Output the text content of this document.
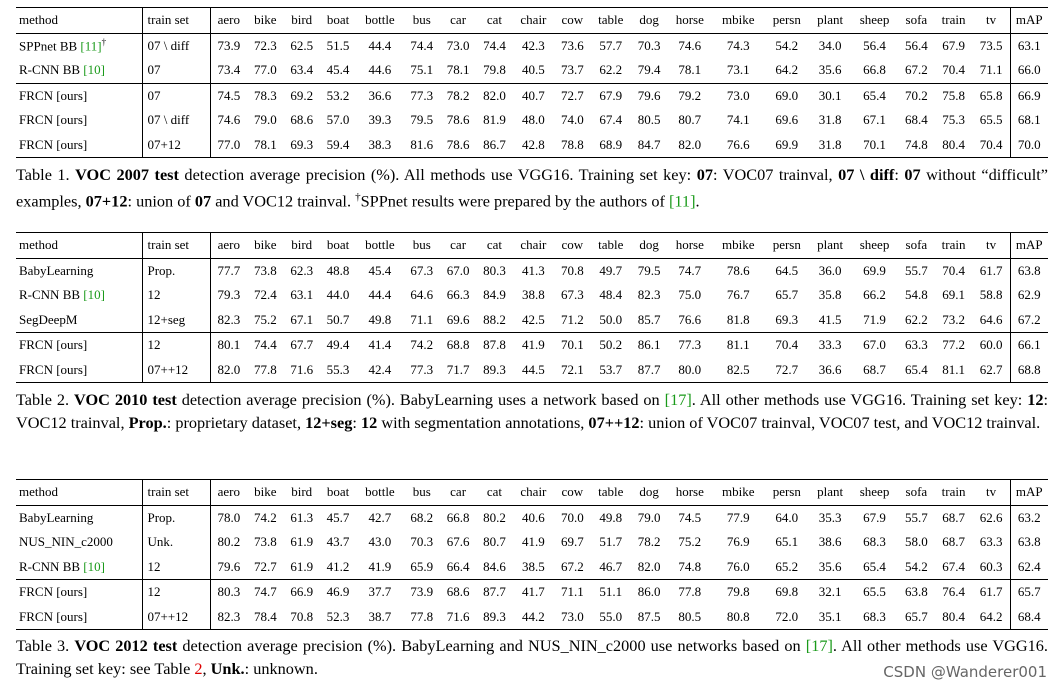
method	train set	aero	bike	bird	boat	bottle	bus	car	cat	chair	cow	table	dog	horse	mbike	persn	plant	sheep	sofa	train	tv	mAP
SPPnet BB [11]†	07 \ diff	73.9	72.3	62.5	51.5	44.4	74.4	73.0	74.4	42.3	73.6	57.7	70.3	74.6	74.3	54.2	34.0	56.4	56.4	67.9	73.5	63.1
R-CNN BB [10]	07	73.4	77.0	63.4	45.4	44.6	75.1	78.1	79.8	40.5	73.7	62.2	79.4	78.1	73.1	64.2	35.6	66.8	67.2	70.4	71.1	66.0
FRCN [ours]	07	74.5	78.3	69.2	53.2	36.6	77.3	78.2	82.0	40.7	72.7	67.9	79.6	79.2	73.0	69.0	30.1	65.4	70.2	75.8	65.8	66.9
FRCN [ours]	07 \ diff	74.6	79.0	68.6	57.0	39.3	79.5	78.6	81.9	48.0	74.0	67.4	80.5	80.7	74.1	69.6	31.8	67.1	68.4	75.3	65.5	68.1
FRCN [ours]	07+12	77.0	78.1	69.3	59.4	38.3	81.6	78.6	86.7	42.8	78.8	68.9	84.7	82.0	76.6	69.9	31.8	70.1	74.8	80.4	70.4	70.0
Table 1. VOC 2007 test detection average precision (%). All methods use VGG16. Training set key: 07: VOC07 trainval, 07 \ diff: 07 without “difficult” examples, 07+12: union of 07 and VOC12 trainval. †SPPnet results were prepared by the authors of [11].
method	train set	aero	bike	bird	boat	bottle	bus	car	cat	chair	cow	table	dog	horse	mbike	persn	plant	sheep	sofa	train	tv	mAP
BabyLearning	Prop.	77.7	73.8	62.3	48.8	45.4	67.3	67.0	80.3	41.3	70.8	49.7	79.5	74.7	78.6	64.5	36.0	69.9	55.7	70.4	61.7	63.8
R-CNN BB [10]	12	79.3	72.4	63.1	44.0	44.4	64.6	66.3	84.9	38.8	67.3	48.4	82.3	75.0	76.7	65.7	35.8	66.2	54.8	69.1	58.8	62.9
SegDeepM	12+seg	82.3	75.2	67.1	50.7	49.8	71.1	69.6	88.2	42.5	71.2	50.0	85.7	76.6	81.8	69.3	41.5	71.9	62.2	73.2	64.6	67.2
FRCN [ours]	12	80.1	74.4	67.7	49.4	41.4	74.2	68.8	87.8	41.9	70.1	50.2	86.1	77.3	81.1	70.4	33.3	67.0	63.3	77.2	60.0	66.1
FRCN [ours]	07++12	82.0	77.8	71.6	55.3	42.4	77.3	71.7	89.3	44.5	72.1	53.7	87.7	80.0	82.5	72.7	36.6	68.7	65.4	81.1	62.7	68.8
Table 2. VOC 2010 test detection average precision (%). BabyLearning uses a network based on [17]. All other methods use VGG16. Training set key: 12: VOC12 trainval, Prop.: proprietary dataset, 12+seg: 12 with segmentation annotations, 07++12: union of VOC07 trainval, VOC07 test, and VOC12 trainval.
method	train set	aero	bike	bird	boat	bottle	bus	car	cat	chair	cow	table	dog	horse	mbike	persn	plant	sheep	sofa	train	tv	mAP
BabyLearning	Prop.	78.0	74.2	61.3	45.7	42.7	68.2	66.8	80.2	40.6	70.0	49.8	79.0	74.5	77.9	64.0	35.3	67.9	55.7	68.7	62.6	63.2
NUS_NIN_c2000	Unk.	80.2	73.8	61.9	43.7	43.0	70.3	67.6	80.7	41.9	69.7	51.7	78.2	75.2	76.9	65.1	38.6	68.3	58.0	68.7	63.3	63.8
R-CNN BB [10]	12	79.6	72.7	61.9	41.2	41.9	65.9	66.4	84.6	38.5	67.2	46.7	82.0	74.8	76.0	65.2	35.6	65.4	54.2	67.4	60.3	62.4
FRCN [ours]	12	80.3	74.7	66.9	46.9	37.7	73.9	68.6	87.7	41.7	71.1	51.1	86.0	77.8	79.8	69.8	32.1	65.5	63.8	76.4	61.7	65.7
FRCN [ours]	07++12	82.3	78.4	70.8	52.3	38.7	77.8	71.6	89.3	44.2	73.0	55.0	87.5	80.5	80.8	72.0	35.1	68.3	65.7	80.4	64.2	68.4
Table 3. VOC 2012 test detection average precision (%). BabyLearning and NUS_NIN_c2000 use networks based on [17]. All other methods use VGG16. Training set key: see Table 2, Unk.: unknown.	CSDN @Wanderer001
